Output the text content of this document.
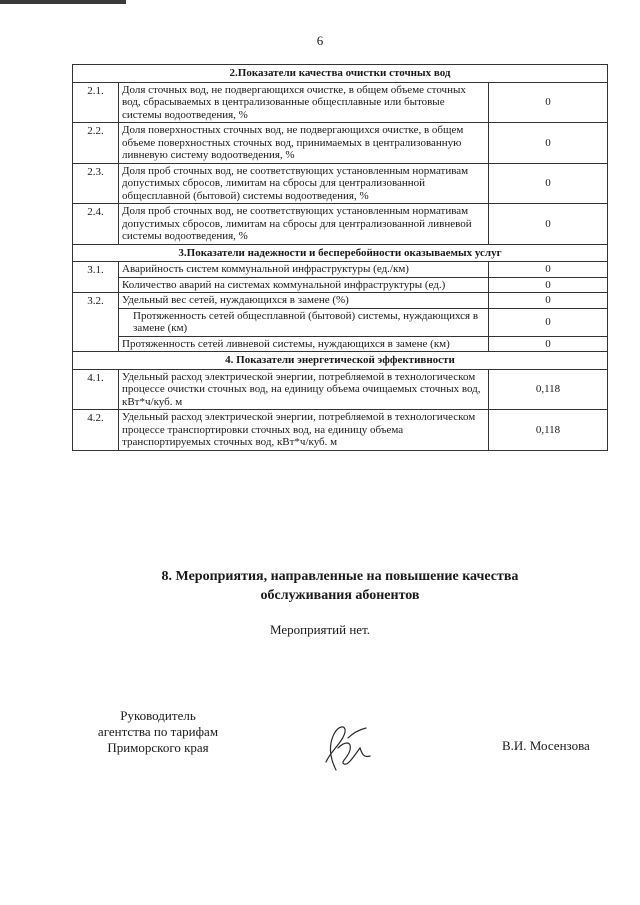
6
2.Показатели качества очистки сточных вод		
2.1.	Доля сточных вод, не подвергающихся очистке, в общем объеме сточных вод, сбрасываемых в централизованные общесплавные или бытовые системы водоотведения, %	0
2.2.	Доля поверхностных сточных вод, не подвергающихся очистке, в общем объеме поверхностных сточных вод, принимаемых в централизованную ливневую систему водоотведения, %	0
2.3.	Доля проб сточных вод, не соответствующих установленным нормативам допустимых сбросов, лимитам на сбросы для централизованной общесплавной (бытовой) системы водоотведения, %	0
2.4.	Доля проб сточных вод, не соответствующих установленным нормативам допустимых сбросов, лимитам на сбросы для централизованной ливневой системы водоотведения, %	0
3.Показатели надежности и бесперебойности оказываемых услуг		
3.1.	Аварийность систем коммунальной инфраструктуры (ед./км)	0
	Количество аварий на системах коммунальной инфраструктуры (ед.)	0
3.2.	Удельный вес сетей, нуждающихся в замене (%)	0
	Протяженность сетей общесплавной (бытовой) системы, нуждающихся в замене (км)	0
	Протяженность сетей ливневой системы, нуждающихся в замене (км)	0
4. Показатели энергетической эффективности		
4.1.	Удельный расход электрической энергии, потребляемой в технологическом процессе очистки сточных вод, на единицу объема очищаемых сточных вод, кВт*ч/куб. м	0,118
4.2.	Удельный расход электрической энергии, потребляемой в технологическом процессе транспортировки сточных вод, на единицу объема транспортируемых сточных вод, кВт*ч/куб. м	0,118
8. Мероприятия, направленные на повышение качества обслуживания абонентов
Мероприятий нет.
Руководитель
агентства по тарифам
Приморского края	В.И. Мосензова
